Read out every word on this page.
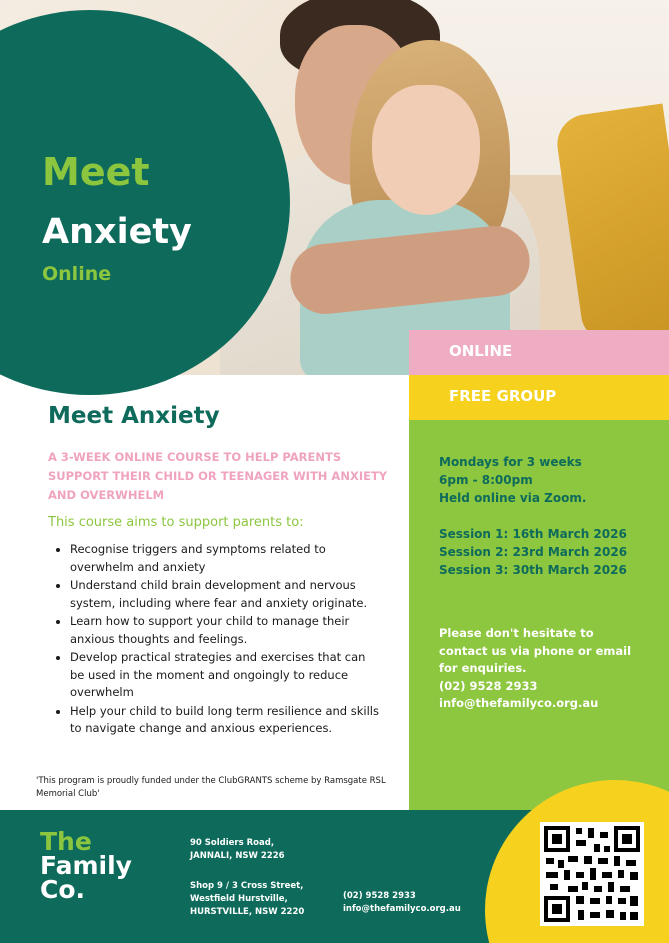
Meet
Anxiety
Online
ONLINE
FREE GROUP
Mondays for 3 weeks
6pm - 8:00pm
Held online via Zoom.
Session 1: 16th March 2026
Session 2: 23rd March 2026
Session 3: 30th March 2026
Please don't hesitate to
contact us via phone or email
for enquiries.
(02) 9528 2933
info@thefamilyco.org.au
Meet Anxiety
A 3-WEEK ONLINE COURSE TO HELP PARENTS SUPPORT THEIR CHILD OR TEENAGER WITH ANXIETY AND OVERWHELM
This course aims to support parents to:
• Recognise triggers and symptoms related to overwhelm and anxiety
• Understand child brain development and nervous system, including where fear and anxiety originate.
• Learn how to support your child to manage their anxious thoughts and feelings.
• Develop practical strategies and exercises that can be used in the moment and ongoingly to reduce overwhelm
• Help your child to build long term resilience and skills to navigate change and anxious experiences.
'This program is proudly funded under the ClubGRANTS scheme by Ramsgate RSL Memorial Club'
The
Family
Co.
90 Soldiers Road,
JANNALI, NSW 2226
Shop 9 / 3 Cross Street,
Westfield Hurstville,
HURSTVILLE, NSW 2220
(02) 9528 2933
info@thefamilyco.org.au
